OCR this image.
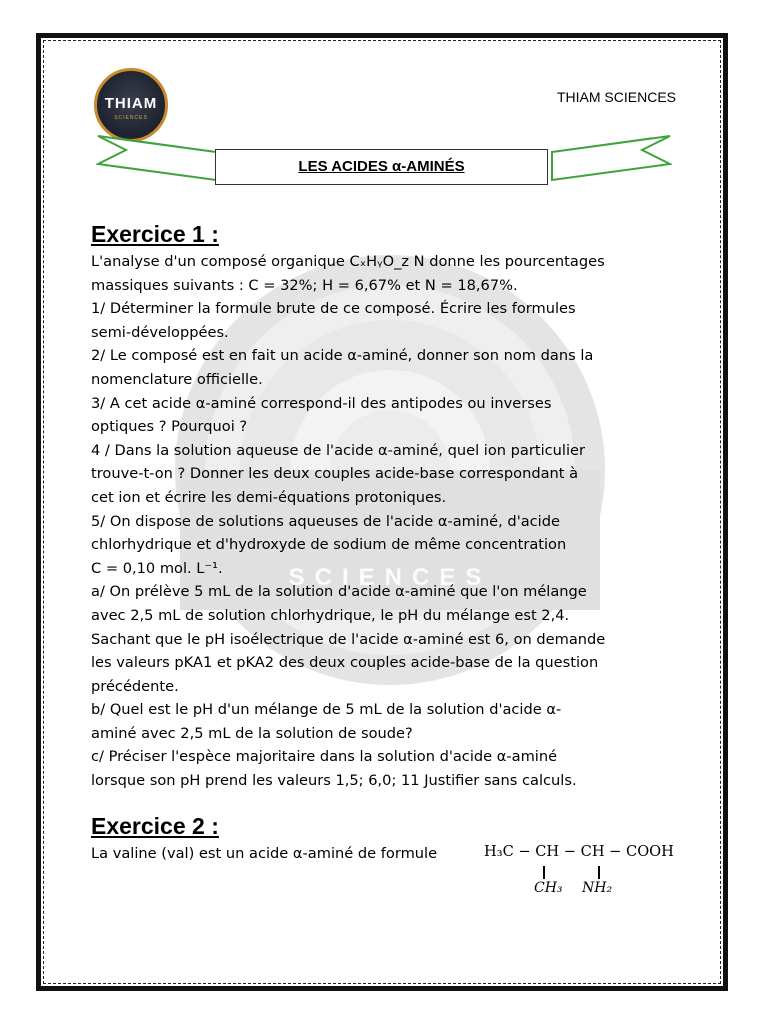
SCIENCES
THIAM
SCIENCES
THIAM SCIENCES
LES ACIDES α-AMINÉS
Exercice 1 :

L'analyse d'un composé organique CₓHᵧO_z N donne les pourcentages

massiques suivants : C = 32%; H = 6,67% et N = 18,67%.

1/ Déterminer la formule brute de ce composé. Écrire les formules

semi-développées.

2/ Le composé est en fait un acide α-aminé, donner son nom dans la

nomenclature officielle.

3/ A cet acide α-aminé correspond-il des antipodes ou inverses

optiques ? Pourquoi ?

4 / Dans la solution aqueuse de l'acide α-aminé, quel ion particulier

trouve-t-on ? Donner les deux couples acide-base correspondant à

cet ion et écrire les demi-équations protoniques.

5/ On dispose de solutions aqueuses de l'acide α-aminé, d'acide

chlorhydrique et d'hydroxyde de sodium de même concentration

C = 0,10 mol. L⁻¹.

a/ On prélève 5 mL de la solution d'acide α-aminé que l'on mélange

avec 2,5 mL de solution chlorhydrique, le pH du mélange est 2,4.

Sachant que le pH isoélectrique de l'acide α-aminé est 6, on demande

les valeurs pKA1 et pKA2 des deux couples acide-base de la question

précédente.

b/ Quel est le pH d'un mélange de 5 mL de la solution d'acide α-

aminé avec 2,5 mL de la solution de soude?

c/ Préciser l'espèce majoritaire dans la solution d'acide α-aminé

lorsque son pH prend les valeurs 1,5; 6,0; 11 Justifier sans calculs.

Exercice 2 :

La valine (val) est un acide α-aminé de formule	H₃C − CH − CH − COOH
CH₃ NH₂
